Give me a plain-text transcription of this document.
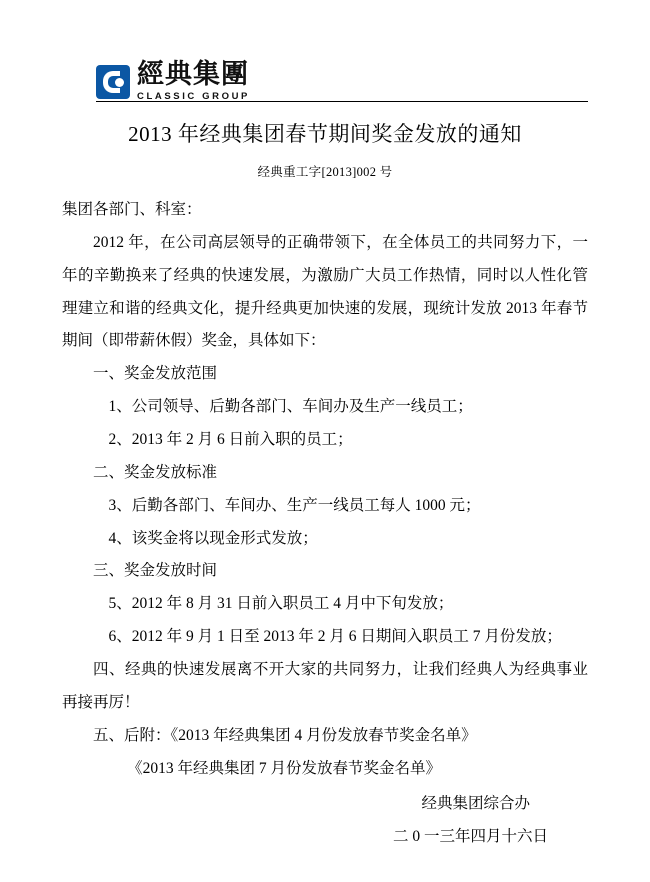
經典集團
CLASSIC GROUP
2013 年经典集团春节期间奖金发放的通知
经典重工字[2013]002 号

集团各部门、科室：

2012 年，在公司高层领导的正确带领下，在全体员工的共同努力下，一年的辛勤换来了经典的快速发展，为激励广大员工作热情，同时以人性化管理建立和谐的经典文化，提升经典更加快速的发展，现统计发放 2013 年春节期间（即带薪休假）奖金，具体如下：

一、奖金发放范围

1、公司领导、后勤各部门、车间办及生产一线员工；

2、2013 年 2 月 6 日前入职的员工；

二、奖金发放标准

3、后勤各部门、车间办、生产一线员工每人 1000 元；

4、该奖金将以现金形式发放；

三、奖金发放时间

5、2012 年 8 月 31 日前入职员工 4 月中下旬发放；

6、2012 年 9 月 1 日至 2013 年 2 月 6 日期间入职员工 7 月份发放；

四、经典的快速发展离不开大家的共同努力，让我们经典人为经典事业再接再厉！

五、后附：《2013 年经典集团 4 月份发放春节奖金名单》

《2013 年经典集团 7 月份发放春节奖金名单》

经典集团综合办

二 0 一三年四月十六日
